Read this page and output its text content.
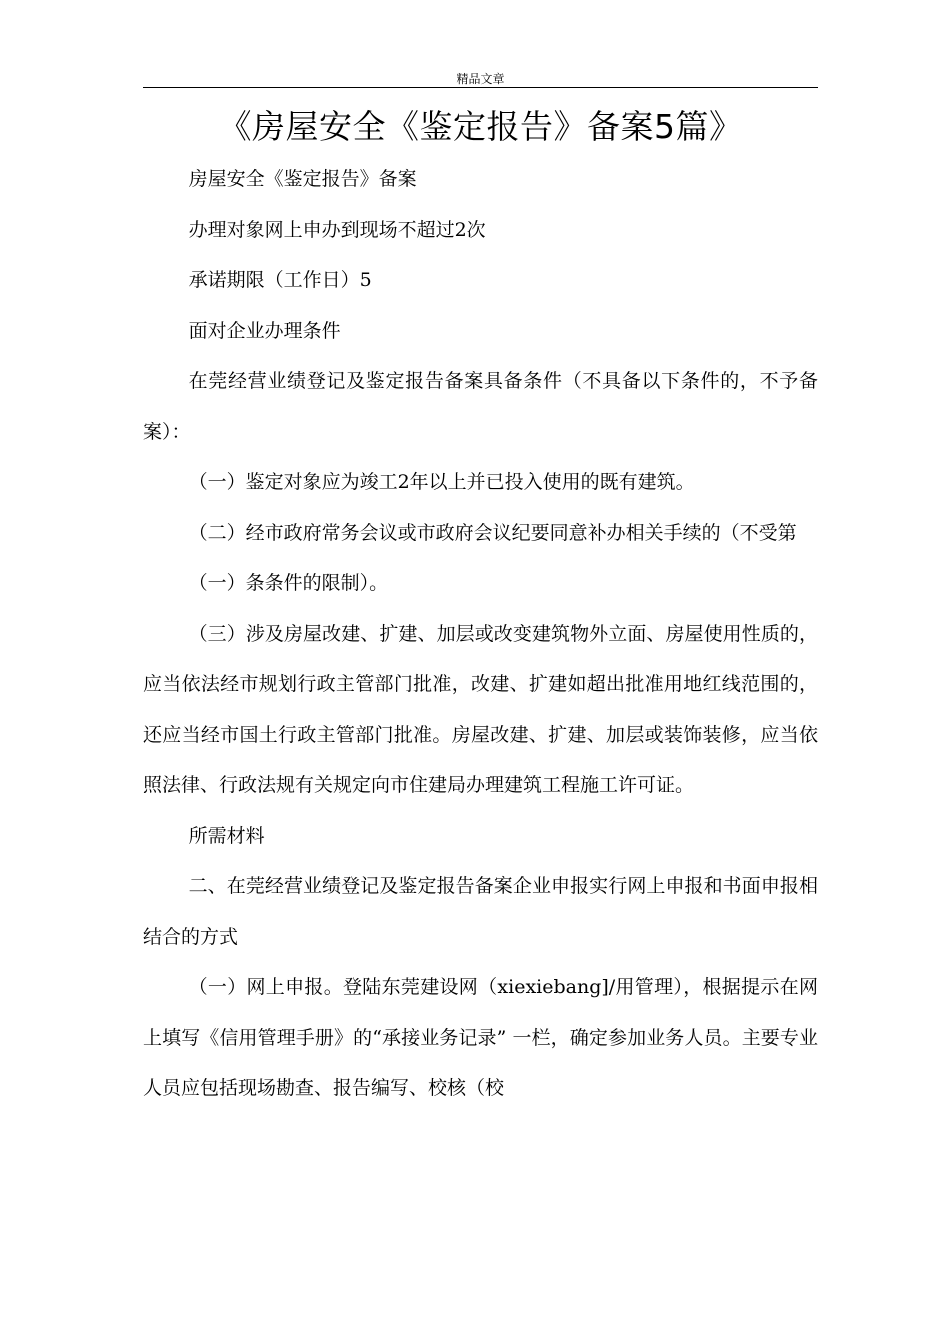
精品文章
《房屋安全《鉴定报告》备案5篇》

房屋安全《鉴定报告》备案

办理对象网上申办到现场不超过2次

承诺期限（工作日）5

面对企业办理条件

在莞经营业绩登记及鉴定报告备案具备条件（不具备以下条件的，不予备案）：

（一）鉴定对象应为竣工2年以上并已投入使用的既有建筑。

（二）经市政府常务会议或市政府会议纪要同意补办相关手续的（不受第

（一）条条件的限制）。

（三）涉及房屋改建、扩建、加层或改变建筑物外立面、房屋使用性质的，应当依法经市规划行政主管部门批准，改建、扩建如超出批准用地红线范围的，还应当经市国土行政主管部门批准。房屋改建、扩建、加层或装饰装修，应当依照法律、行政法规有关规定向市住建局办理建筑工程施工许可证。

所需材料

二、在莞经营业绩登记及鉴定报告备案企业申报实行网上申报和书面申报相结合的方式

（一）网上申报。登陆东莞建设网（xiexiebang]/用管理），根据提示在网上填写《信用管理手册》的“承接业务记录” 一栏，确定参加业务人员。主要专业人员应包括现场勘查、报告编写、校核（校
